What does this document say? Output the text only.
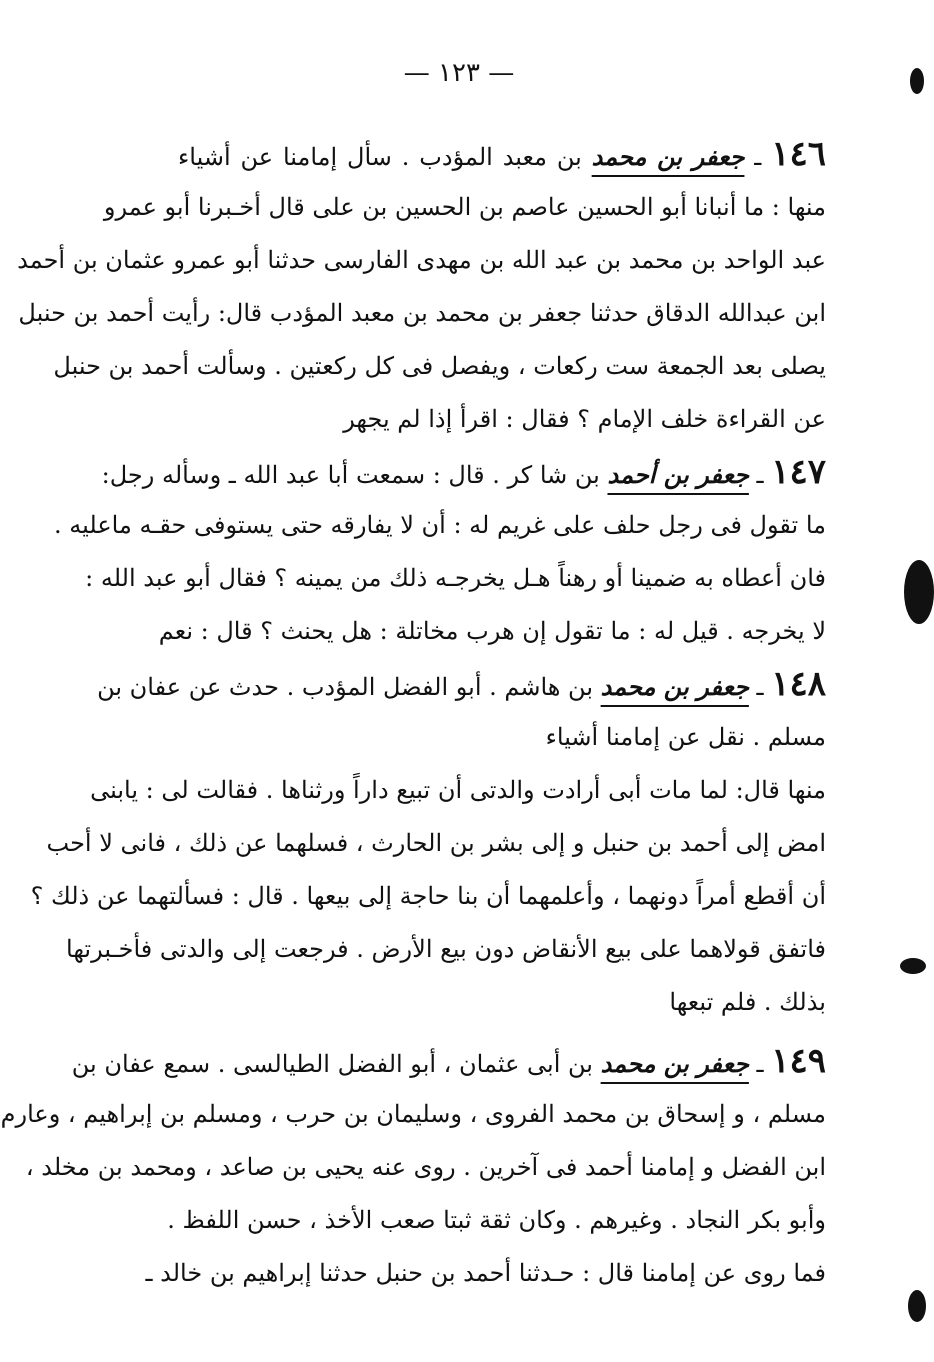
— ١٢٣ —
١٤٦ ـ جعفر بن محمد بن معبد المؤدب . سأل إمامنا عن أشياء
منها : ما أنبانا أبو الحسين عاصم بن الحسين بن على قال أخـبرنا أبو عمرو
عبد الواحد بن محمد بن عبد الله بن مهدى الفارسى حدثنا أبو عمرو عثمان بن أحمد
ابن عبدالله الدقاق حدثنا جعفر بن محمد بن معبد المؤدب قال: رأيت أحمد بن حنبل
يصلى بعد الجمعة ست ركعات ، ويفصل فى كل ركعتين . وسألت أحمد بن حنبل
عن القراءة خلف الإمام ؟ فقال : اقرأ إذا لم يجهر
١٤٧ ـ جعفر بن أحمد بن شا كر . قال : سمعت أبا عبد الله ـ وسأله رجل:
ما تقول فى رجل حلف على غريم له : أن لا يفارقه حتى يستوفى حقـه ماعليه .
فان أعطاه به ضمينا أو رهناً هـل يخرجـه ذلك من يمينه ؟ فقال أبو عبد الله :
لا يخرجه . قيل له : ما تقول إن هرب مخاتلة : هل يحنث ؟ قال : نعم
١٤٨ ـ جعفر بن محمد بن هاشم . أبو الفضل المؤدب . حدث عن عفان بن
مسلم . نقل عن إمامنا أشياء
منها قال: لما مات أبى أرادت والدتى أن تبيع داراً ورثناها . فقالت لى : يابنى
امض إلى أحمد بن حنبل و إلى بشر بن الحارث ، فسلهما عن ذلك ، فانى لا أحب
أن أقطع أمراً دونهما ، وأعلمهما أن بنا حاجة إلى بيعها . قال : فسألتهما عن ذلك ؟
فاتفق قولاهما على بيع الأنقاض دون بيع الأرض . فرجعت إلى والدتى فأخـبرتها
بذلك . فلم تبعها
١٤٩ ـ جعفر بن محمد بن أبى عثمان ، أبو الفضل الطيالسى . سمع عفان بن
مسلم ، و إسحاق بن محمد الفروى ، وسليمان بن حرب ، ومسلم بن إبراهيم ، وعارم
ابن الفضل و إمامنا أحمد فى آخرين . روى عنه يحيى بن صاعد ، ومحمد بن مخلد ،
وأبو بكر النجاد . وغيرهم . وكان ثقة ثبتا صعب الأخذ ، حسن اللفظ .
فما روى عن إمامنا قال : حـدثنا أحمد بن حنبل حدثنا إبراهيم بن خالد ـ
